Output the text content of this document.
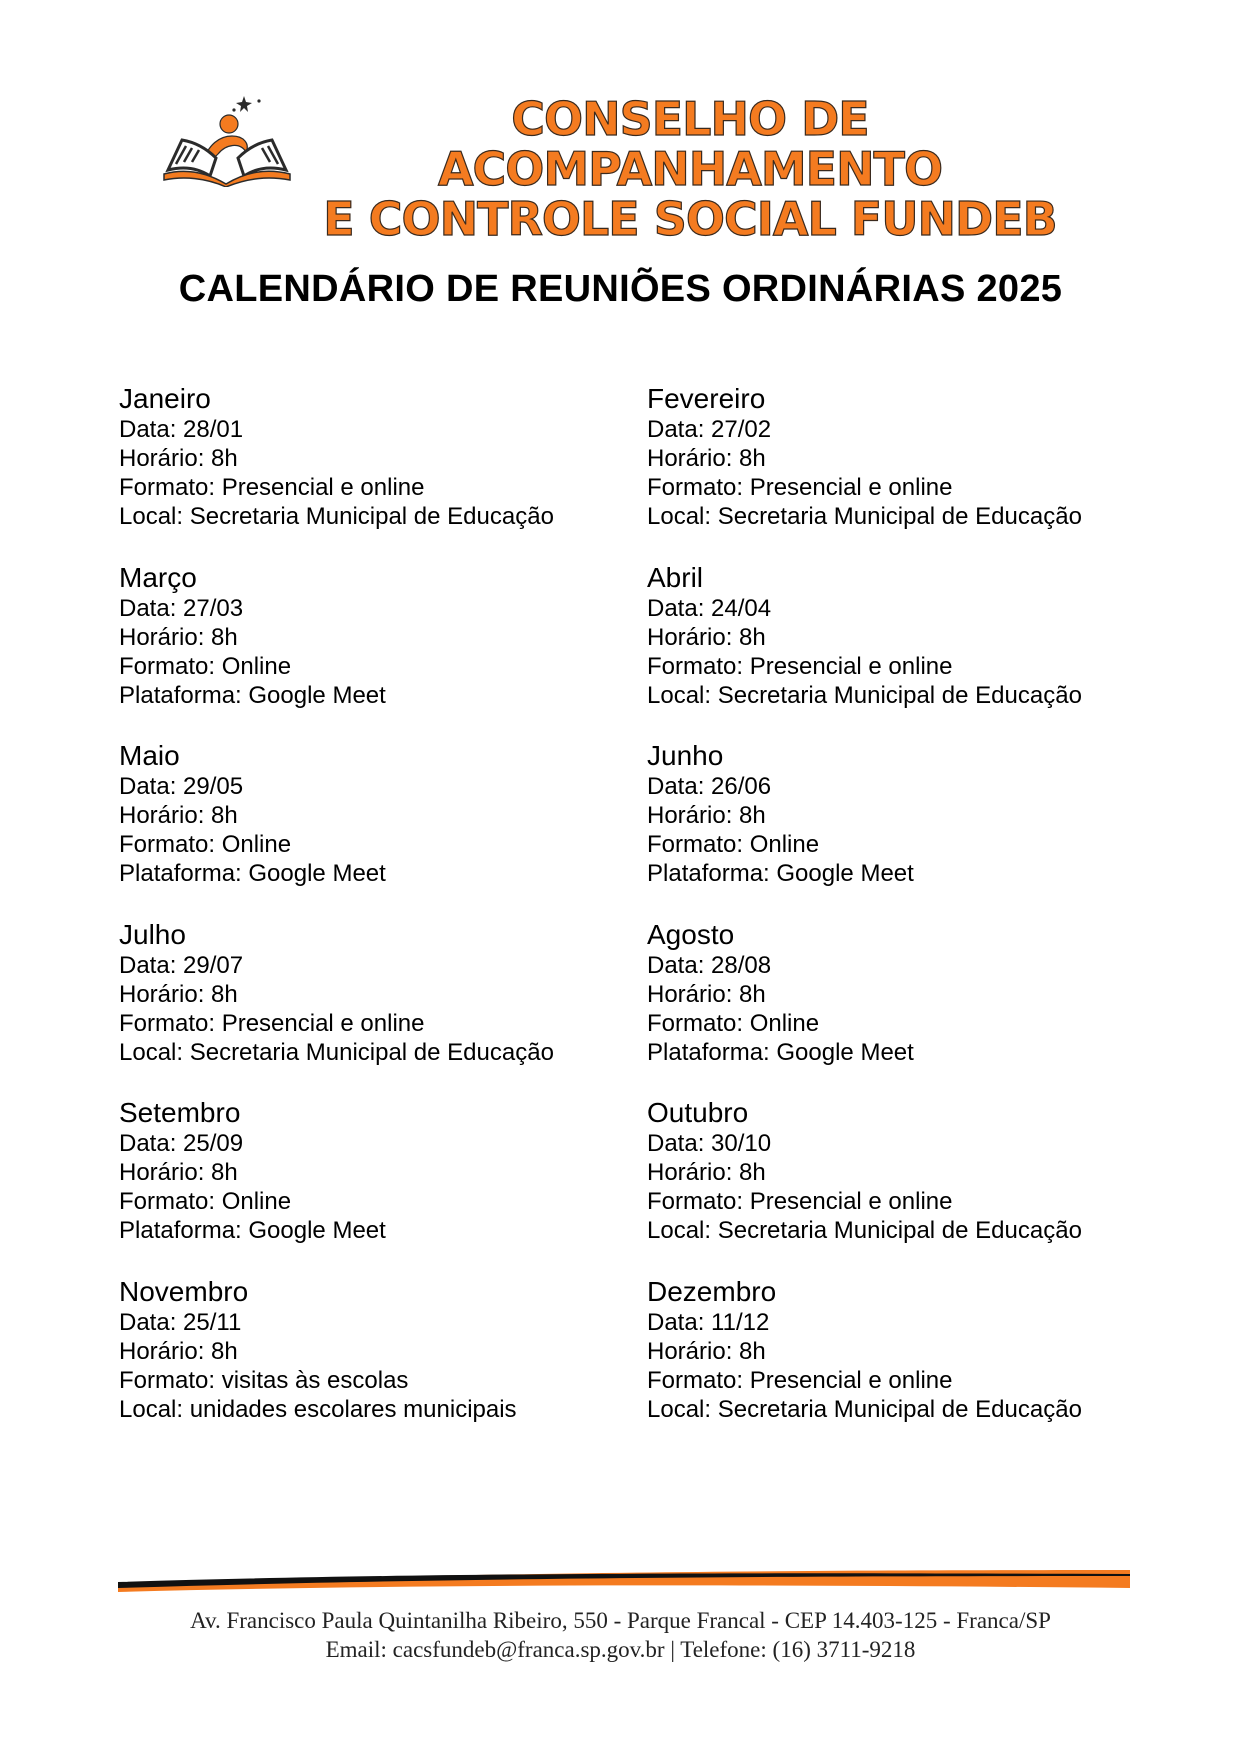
CONSELHO DE ACOMPANHAMENTO
E CONTROLE SOCIAL FUNDEB
CALENDÁRIO DE REUNIÕES ORDINÁRIAS 2025
Janeiro
Data: 28/01
Horário: 8h
Formato: Presencial e online
Local: Secretaria Municipal de Educação
Fevereiro
Data: 27/02
Horário: 8h
Formato: Presencial e online
Local: Secretaria Municipal de Educação
Março
Data: 27/03
Horário: 8h
Formato: Online
Plataforma: Google Meet
Abril
Data: 24/04
Horário: 8h
Formato: Presencial e online
Local: Secretaria Municipal de Educação
Maio
Data: 29/05
Horário: 8h
Formato: Online
Plataforma: Google Meet
Junho
Data: 26/06
Horário: 8h
Formato: Online
Plataforma: Google Meet
Julho
Data: 29/07
Horário: 8h
Formato: Presencial e online
Local: Secretaria Municipal de Educação
Agosto
Data: 28/08
Horário: 8h
Formato: Online
Plataforma: Google Meet
Setembro
Data: 25/09
Horário: 8h
Formato: Online
Plataforma: Google Meet
Outubro
Data: 30/10
Horário: 8h
Formato: Presencial e online
Local: Secretaria Municipal de Educação
Novembro
Data: 25/11
Horário: 8h
Formato: visitas às escolas
Local: unidades escolares municipais
Dezembro
Data: 11/12
Horário: 8h
Formato: Presencial e online
Local: Secretaria Municipal de Educação
Av. Francisco Paula Quintanilha Ribeiro, 550 - Parque Francal - CEP 14.403-125 - Franca/SP
Email: cacsfundeb@franca.sp.gov.br | Telefone: (16) 3711-9218
